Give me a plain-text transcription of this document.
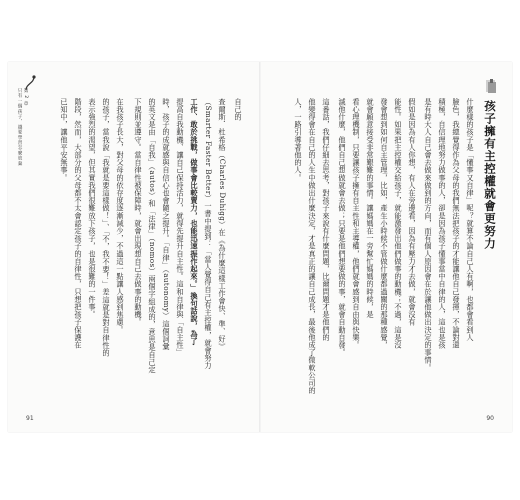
第 2 章
只有一個孩子，越要學習怎麼放棄	自己的
查爾斯．杜希格（Charles Duhigg）在《為什麼這樣工作會快、準、好》
（Smarter Faster Better）一書中提到：「當人覺得自己有主控權，就會努力
工作、敢於挑戰，做事會比較賣力，也能迅速振作起來。」換句話說，為了
提高自我動機、讓自己保持活力，就得先提升自主性。這和自律與「自主性」
時，孩子的成就感與自信心也會隨之提升。「自律」（autonomy）這個詞彙
的英文是由「自我」（autos）和「法律」（nomos）兩個字組成的，意思是自己定
下規則並遵守。當自律性被保障時，就會出現想自己去做事的動機。
在我孩子長大，對父母的依存度逐漸減少，不過這一點讓人感到焦慮。
的孩子，當我說「我就是要這樣做！」、「不，我不要！」差這就是對自律性的
表示強烈的渴望，但其實我們很難放下孩子，也是很難的一件事。
階段，然而，大部分的父母都不太會認定孩子的自律性，只想把孩子保護在
已知中，讓他平安無事。
91
孩子擁有主控權就會更努力
什麼樣的孩子是「懂事又自律」呢？就算不論自己人有啊，也都會看到人
臉色，我總覺得作為父母的我們無法把孩子的才能讓他自己發揮，不論對還
積極，自信理地努力做事的人，卻是因為孩子懂事當中自律的人，這也是孩
是有時大人自己會去做來做到的方向，而有個人原因會在於讓他做出決定的事情。
假如是因為有人你想，有人在旁邊看，因為有壓力才去做，就會沒有
能性。如果把主控權交給孩子，就能激發出他們做事的動機；不過，這是沒
發會想到如何自主管理，比如，產生小時候不管做什麼都過關的那種感覺，
就會願意接受非常艱難的事情。讓媽媽在一旁幫忙媽媽的時候，是
看心理機制，只要讓孩子擁有自主性和主導權，他們就會感到自由與快樂。
滅他什麼，他們自己想做就會去做；只要是他們想要做的事，就會自動自發。
這番話，我們仔細去思考，對孩子來說有什麼問題，比爾問題才是他們的
他變得會在自己的人生中做出什麼決定，才是真正的讓自己成長，最後他成了微軟公司的
人，一路引導著他的人。
90
